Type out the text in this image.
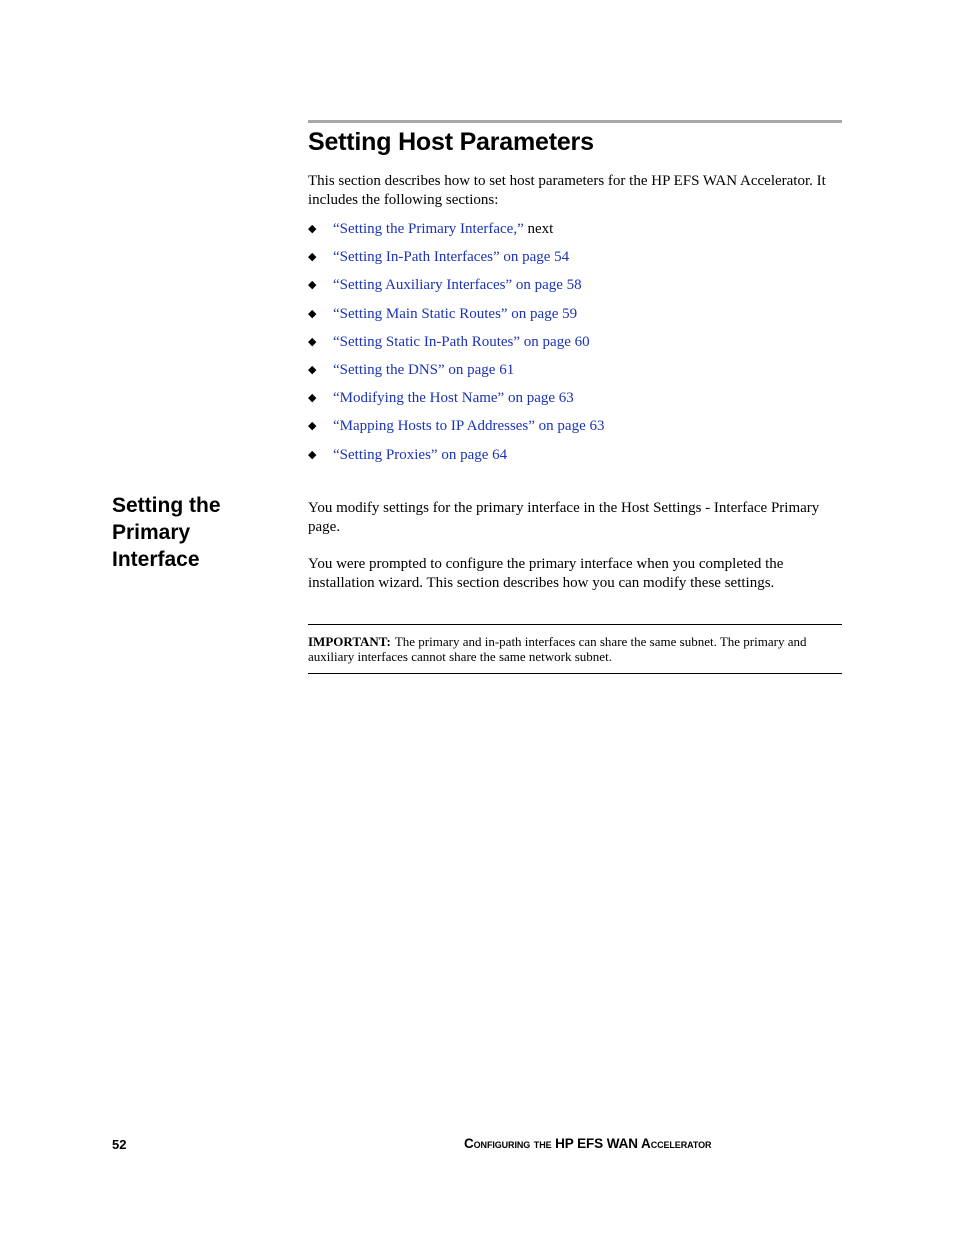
Setting Host Parameters

This section describes how to set host parameters for the HP EFS WAN Accelerator. It includes the following sections:

◆ “Setting the Primary Interface,” next
◆ “Setting In-Path Interfaces” on page 54
◆ “Setting Auxiliary Interfaces” on page 58
◆ “Setting Main Static Routes” on page 59
◆ “Setting Static In-Path Routes” on page 60
◆ “Setting the DNS” on page 61
◆ “Modifying the Host Name” on page 63
◆ “Mapping Hosts to IP Addresses” on page 63
◆ “Setting Proxies” on page 64
Setting the Primary Interface

You modify settings for the primary interface in the Host Settings - Interface Primary page.

You were prompted to configure the primary interface when you completed the installation wizard. This section describes how you can modify these settings.

IMPORTANT: The primary and in-path interfaces can share the same subnet. The primary and auxiliary interfaces cannot share the same network subnet.

52	Configuring the HP EFS WAN Accelerator
